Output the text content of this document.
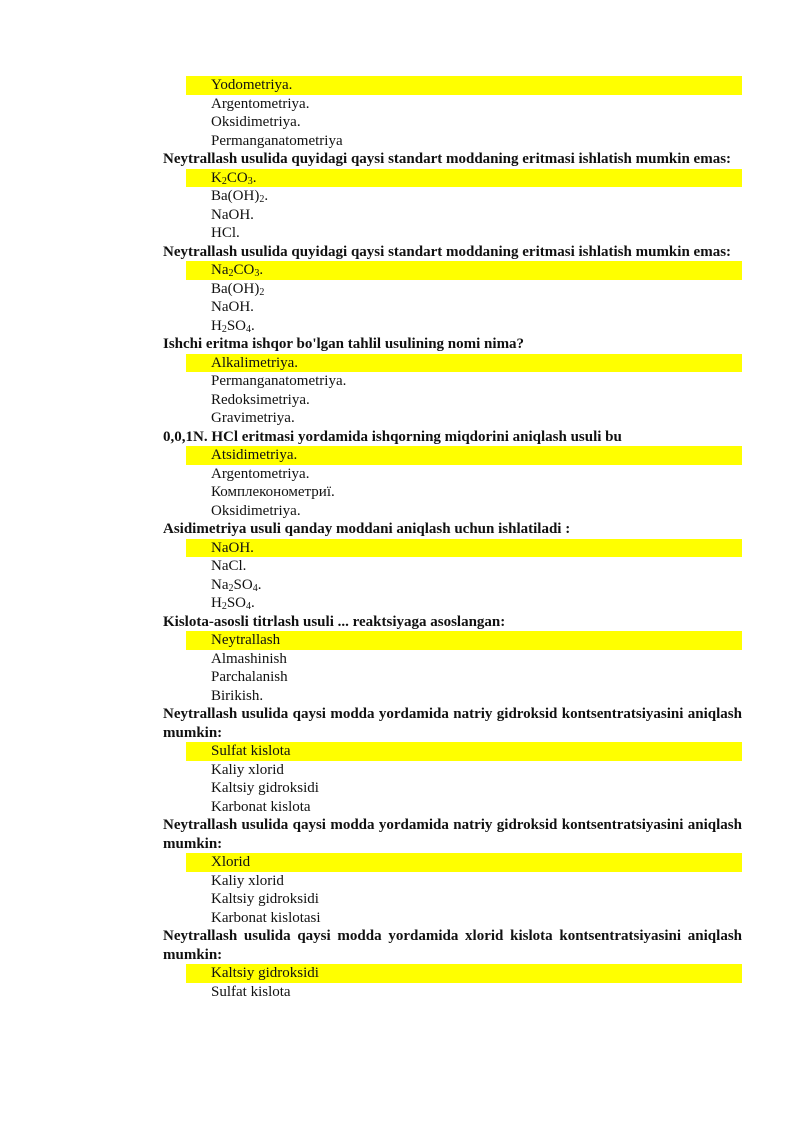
Yodometriya.

Argentometriya.

Oksidimetriya.

Permanganatometriya

Neytrallash usulida quyidagi qaysi standart moddaning eritmasi ishlatish mumkin emas:

$K_2CO_3$.

$Ba(OH)_2$.

NaOH.

HCl.

Neytrallash usulida quyidagi qaysi standart moddaning eritmasi ishlatish mumkin emas:

$Na_2CO_3$.

$Ba(OH)_2$

NaOH.

$H_2SO_4$.

Ishchi eritma ishqor bo'lgan tahlil usulining nomi nima?

Alkalimetriya.

Permanganatometriya.

Redoksimetriya.

Gravimetriya.

0,0,1N. HCl eritmasi yordamida ishqorning miqdorini aniqlash usuli bu

Atsidimetriya.

Argentometriya.

Комплеконометриї.

Oksidimetriya.

Asidimetriya usuli qanday moddani aniqlash uchun ishlatiladi :

NaOH.

NaCl.

$Na_2SO_4$.

$H_2SO_4$.

Kislota-asosli titrlash usuli ... reaktsiyaga asoslangan:

Neytrallash

Almashinish

Parchalanish

Birikish.

Neytrallash usulida qaysi modda yordamida natriy gidroksid kontsentratsiyasini aniqlash mumkin:

Sulfat kislota

Kaliy xlorid

Kaltsiy gidroksidi

Karbonat kislota

Neytrallash usulida qaysi modda yordamida natriy gidroksid kontsentratsiyasini aniqlash mumkin:

Xlorid

Kaliy xlorid

Kaltsiy gidroksidi

Karbonat kislotasi

Neytrallash usulida qaysi modda yordamida xlorid kislota kontsentratsiyasini aniqlash mumkin:

Kaltsiy gidroksidi

Sulfat kislota
